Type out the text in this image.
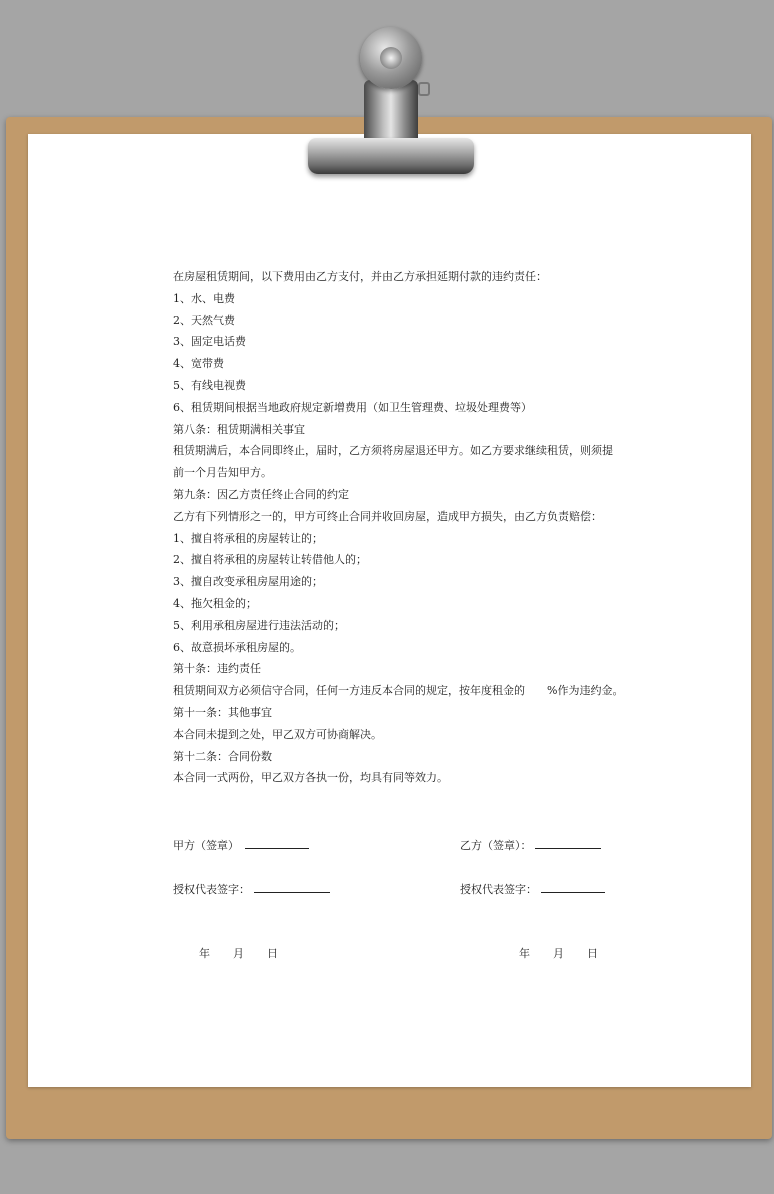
在房屋租赁期间，以下费用由乙方支付，并由乙方承担延期付款的违约责任：
1、水、电费
2、天然气费
3、固定电话费
4、宽带费
5、有线电视费
6、租赁期间根据当地政府规定新增费用（如卫生管理费、垃圾处理费等）
第八条：租赁期满相关事宜
租赁期满后，本合同即终止，届时，乙方须将房屋退还甲方。如乙方要求继续租赁，则须提
前一个月告知甲方。
第九条：因乙方责任终止合同的约定
乙方有下列情形之一的，甲方可终止合同并收回房屋，造成甲方损失，由乙方负责赔偿：
1、擅自将承租的房屋转让的；
2、擅自将承租的房屋转让转借他人的；
3、擅自改变承租房屋用途的；
4、拖欠租金的；
5、利用承租房屋进行违法活动的；
6、故意损坏承租房屋的。
第十条：违约责任
租赁期间双方必须信守合同，任何一方违反本合同的规定，按年度租金的　　%作为违约金。
第十一条：其他事宜
本合同未提到之处，甲乙双方可协商解决。
第十二条：合同份数
本合同一式两份，甲乙双方各执一份，均具有同等效力。
甲方（签章）	乙方（签章）：
授权代表签字：	授权代表签字：
年 月 日	年 月 日
